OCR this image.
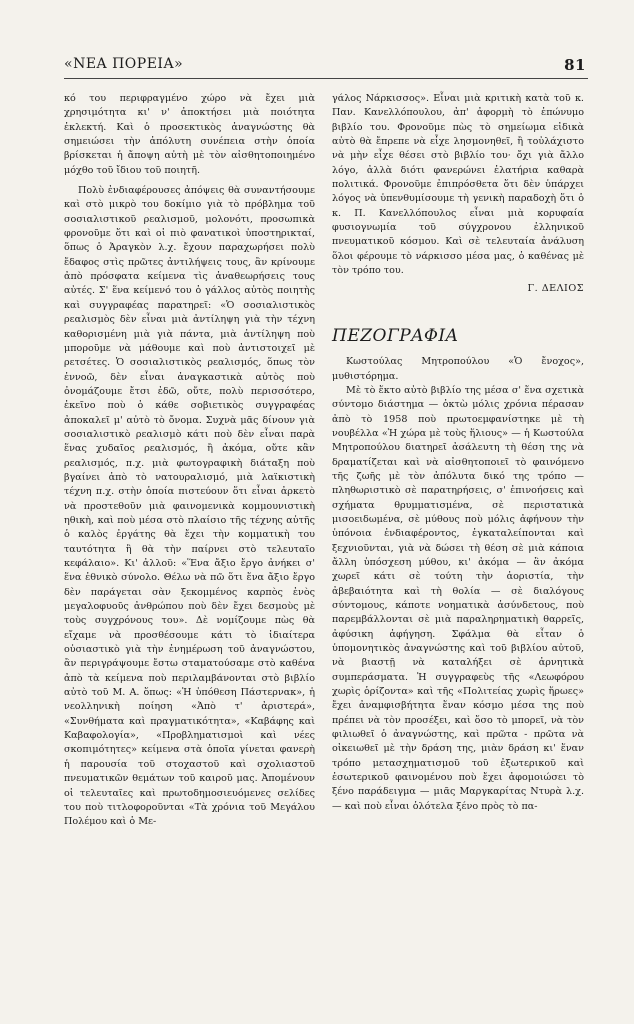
«ΝΕΑ ΠΟΡΕΙΑ»	81

κό του περιφραγμένο χώρο νὰ ἔχει μιὰ χρησιμότητα κι' ν' ἀποκτήσει μιὰ ποιότητα ἐκλεκτή. Καὶ ὁ προσεκτικὸς ἀναγνώστης θὰ σημειώσει τὴν ἀπόλυτη συνέπεια στὴν ὁποία βρίσκεται ἡ ἄποψη αὐτὴ μὲ τὸν αἰσθητοποιημένο μόχθο τοῦ ἴδιου τοῦ ποιητῆ.

Πολὺ ἐνδιαφέρουσες ἀπόψεις θὰ συναντήσουμε καὶ στὸ μικρὸ του δοκίμιο γιὰ τὸ πρόβλημα τοῦ σοσιαλιστικοῦ ρεαλισμοῦ, μολονότι, προσωπικὰ φρονοῦμε ὅτι καὶ οἱ πιὸ φανατικοὶ ὑποστηρικταί, ὅπως ὁ Ἀραγκὸν λ.χ. ἔχουν παραχωρήσει πολὺ ἔδαφος στὶς πρῶτες ἀντιλήψεις τους, ἂν κρίνουμε ἀπὸ πρόσφατα κείμενα τὶς ἀναθεωρήσεις τους αὐτές. Σ' ἕνα κείμενό του ὁ γάλλος αὐτὸς ποιητὴς καὶ συγγραφέας παρατηρεῖ: «Ὁ σοσιαλιστικὸς ρεαλισμὸς δὲν εἶναι μιὰ ἀντίληψη γιὰ τὴν τέχνη καθορισμένη μιὰ γιὰ πάντα, μιὰ ἀντίληψη ποὺ μποροῦμε νὰ μάθουμε καὶ ποὺ ἀντιστοιχεῖ μὲ ρετσέτες. Ὁ σοσιαλιστικὸς ρεαλισμός, ὅπως τὸν ἐννοῶ, δὲν εἶναι ἀναγκαστικὰ αὐτὸς ποὺ ὀνομάζουμε ἔτσι ἐδῶ, οὔτε, πολὺ περισσότερο, ἐκεῖνο ποὺ ὁ κάθε σοβιετικὸς συγγραφέας ἀποκαλεῖ μ' αὐτὸ τὸ ὄνομα. Συχνὰ μᾶς δίνουν γιὰ σοσιαλιστικὸ ρεαλισμὸ κάτι ποὺ δὲν εἶναι παρὰ ἕνας χυδαῖος ρεαλισμός, ἢ ἀκόμα, οὔτε κἂν ρεαλισμός, π.χ. μιὰ φωτογραφικὴ διάταξη ποὺ βγαίνει ἀπὸ τὸ νατουραλισμό, μιὰ λαϊκιστικὴ τέχνη π.χ. στὴν ὁποία πιστεύουν ὅτι εἶναι ἀρκετὸ νὰ προστεθοῦν μιὰ φαινομενικὰ κομμουνιστικὴ ηθικὴ, καὶ ποὺ μέσα στὸ πλαίσιο τῆς τέχνης αὐτῆς ὁ καλὸς ἐργάτης θὰ ἔχει τὴν κομματικὴ του ταυτότητα ἢ θὰ τὴν παίρνει στὸ τελευταῖο κεφάλαιο». Κι' ἀλλοῦ: «Ἕνα ἄξιο ἔργο ἀνήκει σ' ἕνα ἐθνικὸ σύνολο. Θέλω νὰ πῶ ὅτι ἕνα ἄξιο ἔργο δὲν παράγεται σὰν ξεκομμένος καρπὸς ἑνὸς μεγαλοφυοῦς ἀνθρώπου ποὺ δὲν ἔχει δεσμοὺς μὲ τοὺς συγχρόνους του». Δὲ νομίζουμε πὼς θὰ εἴχαμε νὰ προσθέσουμε κάτι τὸ ἰδιαίτερα οὐσιαστικὸ γιὰ τὴν ἐνημέρωση τοῦ ἀναγνώστου, ἂν περιγράψουμε ἔστω σταματούσαμε στὸ καθένα ἀπὸ τὰ κείμενα ποὺ περιλαμβάνονται στὸ βιβλίο αὐτὸ τοῦ Μ. Α. ὅπως: «Ἡ ὑπόθεση Πάστερνακ», ἡ νεολληνικὴ ποίηση «Ἀπὸ τ' ἀριστερά», «Συνθήματα καὶ πραγματικότητα», «Καβάφης καὶ Καβαφολογία», «Προβληματισμοὶ καὶ νέες σκοπιμότητες» κείμενα στὰ ὁποῖα γίνεται φανερὴ ἡ παρουσία τοῦ στοχαστοῦ καὶ σχολιαστοῦ πνευματικῶν θεμάτων τοῦ καιροῦ μας. Ἀπομένουν οἱ τελευταῖες καὶ πρωτοδημοσιευόμενες σελίδες του ποὺ τιτλοφοροῦνται «Τὰ χρόνια τοῦ Μεγάλου Πολέμου καὶ ὁ Με-

γάλος Νάρκισσος». Εἶναι μιὰ κριτικὴ κατὰ τοῦ κ. Παν. Κανελλόπουλου, ἀπ' ἀφορμὴ τὸ ἐπώνυμο βιβλίο του. Φρονοῦμε πὼς τὸ σημείωμα εἰδικὰ αὐτὸ θὰ ἔπρεπε νὰ εἶχε λησμονηθεῖ, ἢ τοὐλάχιστο νὰ μὴν εἶχε θέσει στὸ βιβλίο του· ὄχι γιὰ ἄλλο λόγο, ἀλλὰ διότι φανερώνει ἐλατήρια καθαρὰ πολιτικά. Φρονοῦμε ἐπιπρόσθετα ὅτι δὲν ὑπάρχει λόγος νὰ ὑπενθυμίσουμε τὴ γενικὴ παραδοχὴ ὅτι ὁ κ. Π. Κανελλόπουλος εἶναι μιὰ κορυφαία φυσιογνωμία τοῦ σύγχρονου ἑλληνικοῦ πνευματικοῦ κόσμου. Καὶ σὲ τελευταία ἀνάλυση ὅλοι φέρουμε τὸ νάρκισσο μέσα μας, ὁ καθένας μὲ τὸν τρόπο του.

Γ. ΔΕΛΙΟΣ
ΠΕΖΟΓΡΑΦΙΑ

Κωστούλας Μητροπούλου «Ὁ ἔνοχος», μυθιστόρημα.

Μὲ τὸ ἕκτο αὐτὸ βιβλίο της μέσα σ' ἕνα σχετικὰ σύντομο διάστημα — ὀκτὼ μόλις χρόνια πέρασαν ἀπὸ τὸ 1958 ποὺ πρωτοεμφανίστηκε μὲ τὴ νουβέλλα «Ἡ χώρα μὲ τοὺς ἥλιους» — ἡ Κωστούλα Μητροπούλου διατηρεῖ ἀσάλευτη τὴ θέση της νὰ δραματίζεται καὶ νὰ αἰσθητοποιεῖ τὸ φαινόμενο τῆς ζωῆς μὲ τὸν ἀπόλυτα δικό της τρόπο — πληθωριστικὸ σὲ παρατηρήσεις, σ' ἐπινοήσεις καὶ σχήματα θρυμματισμένα, σὲ περιστατικὰ μισοειδωμένα, σὲ μύθους ποὺ μόλις ἀφήνουν τὴν ὑπόνοια ἐνδιαφέροντος, ἐγκαταλείπονται καὶ ξεχνιοῦνται, γιὰ νὰ δώσει τὴ θέση σὲ μιὰ κάποια ἄλλη ὑπόσχεση μύθου, κι' ἀκόμα — ἂν ἀκόμα χωρεῖ κάτι σὲ τούτη τὴν ἀοριστία, τὴν ἀβεβαιότητα καὶ τὴ θολία — σὲ διαλόγους σύντομους, κάποτε νοηματικὰ ἀσύνδετους, ποὺ παρεμβάλλονται σὲ μιὰ παραληρηματικὴ θαρρεῖς, ἀφύσικη ἀφήγηση. Σφάλμα θὰ εἶταν ὁ ὑπομονητικὸς ἀναγνώστης καὶ τοῦ βιβλίου αὐτοῦ, νὰ βιαστῇ νὰ καταλήξει σὲ ἀρνητικὰ συμπεράσματα. Ἡ συγγραφεὺς τῆς «Λεωφόρου χωρὶς ὁρίζοντα» καὶ τῆς «Πολιτείας χωρὶς ἥρωες» ἔχει ἀναμφισβήτητα ἕναν κόσμο μέσα της ποὺ πρέπει νὰ τὸν προσέξει, καὶ ὅσο τὸ μπορεῖ, νὰ τὸν φιλιωθεῖ ὁ ἀναγνώστης, καὶ πρῶτα - πρῶτα νὰ οἰκειωθεῖ μὲ τὴν δράση της, μιὰν δράση κι' ἕναν τρόπο μετασχηματισμοῦ τοῦ ἐξωτερικοῦ καὶ ἐσωτερικοῦ φαινομένου ποὺ ἔχει ἀφομοιώσει τὸ ξένο παράδειγμα — μιᾶς Μαργκαρίτας Ντυρὰ λ.χ. — καὶ ποὺ εἶναι ὁλότελα ξένο πρὸς τὸ πα-
